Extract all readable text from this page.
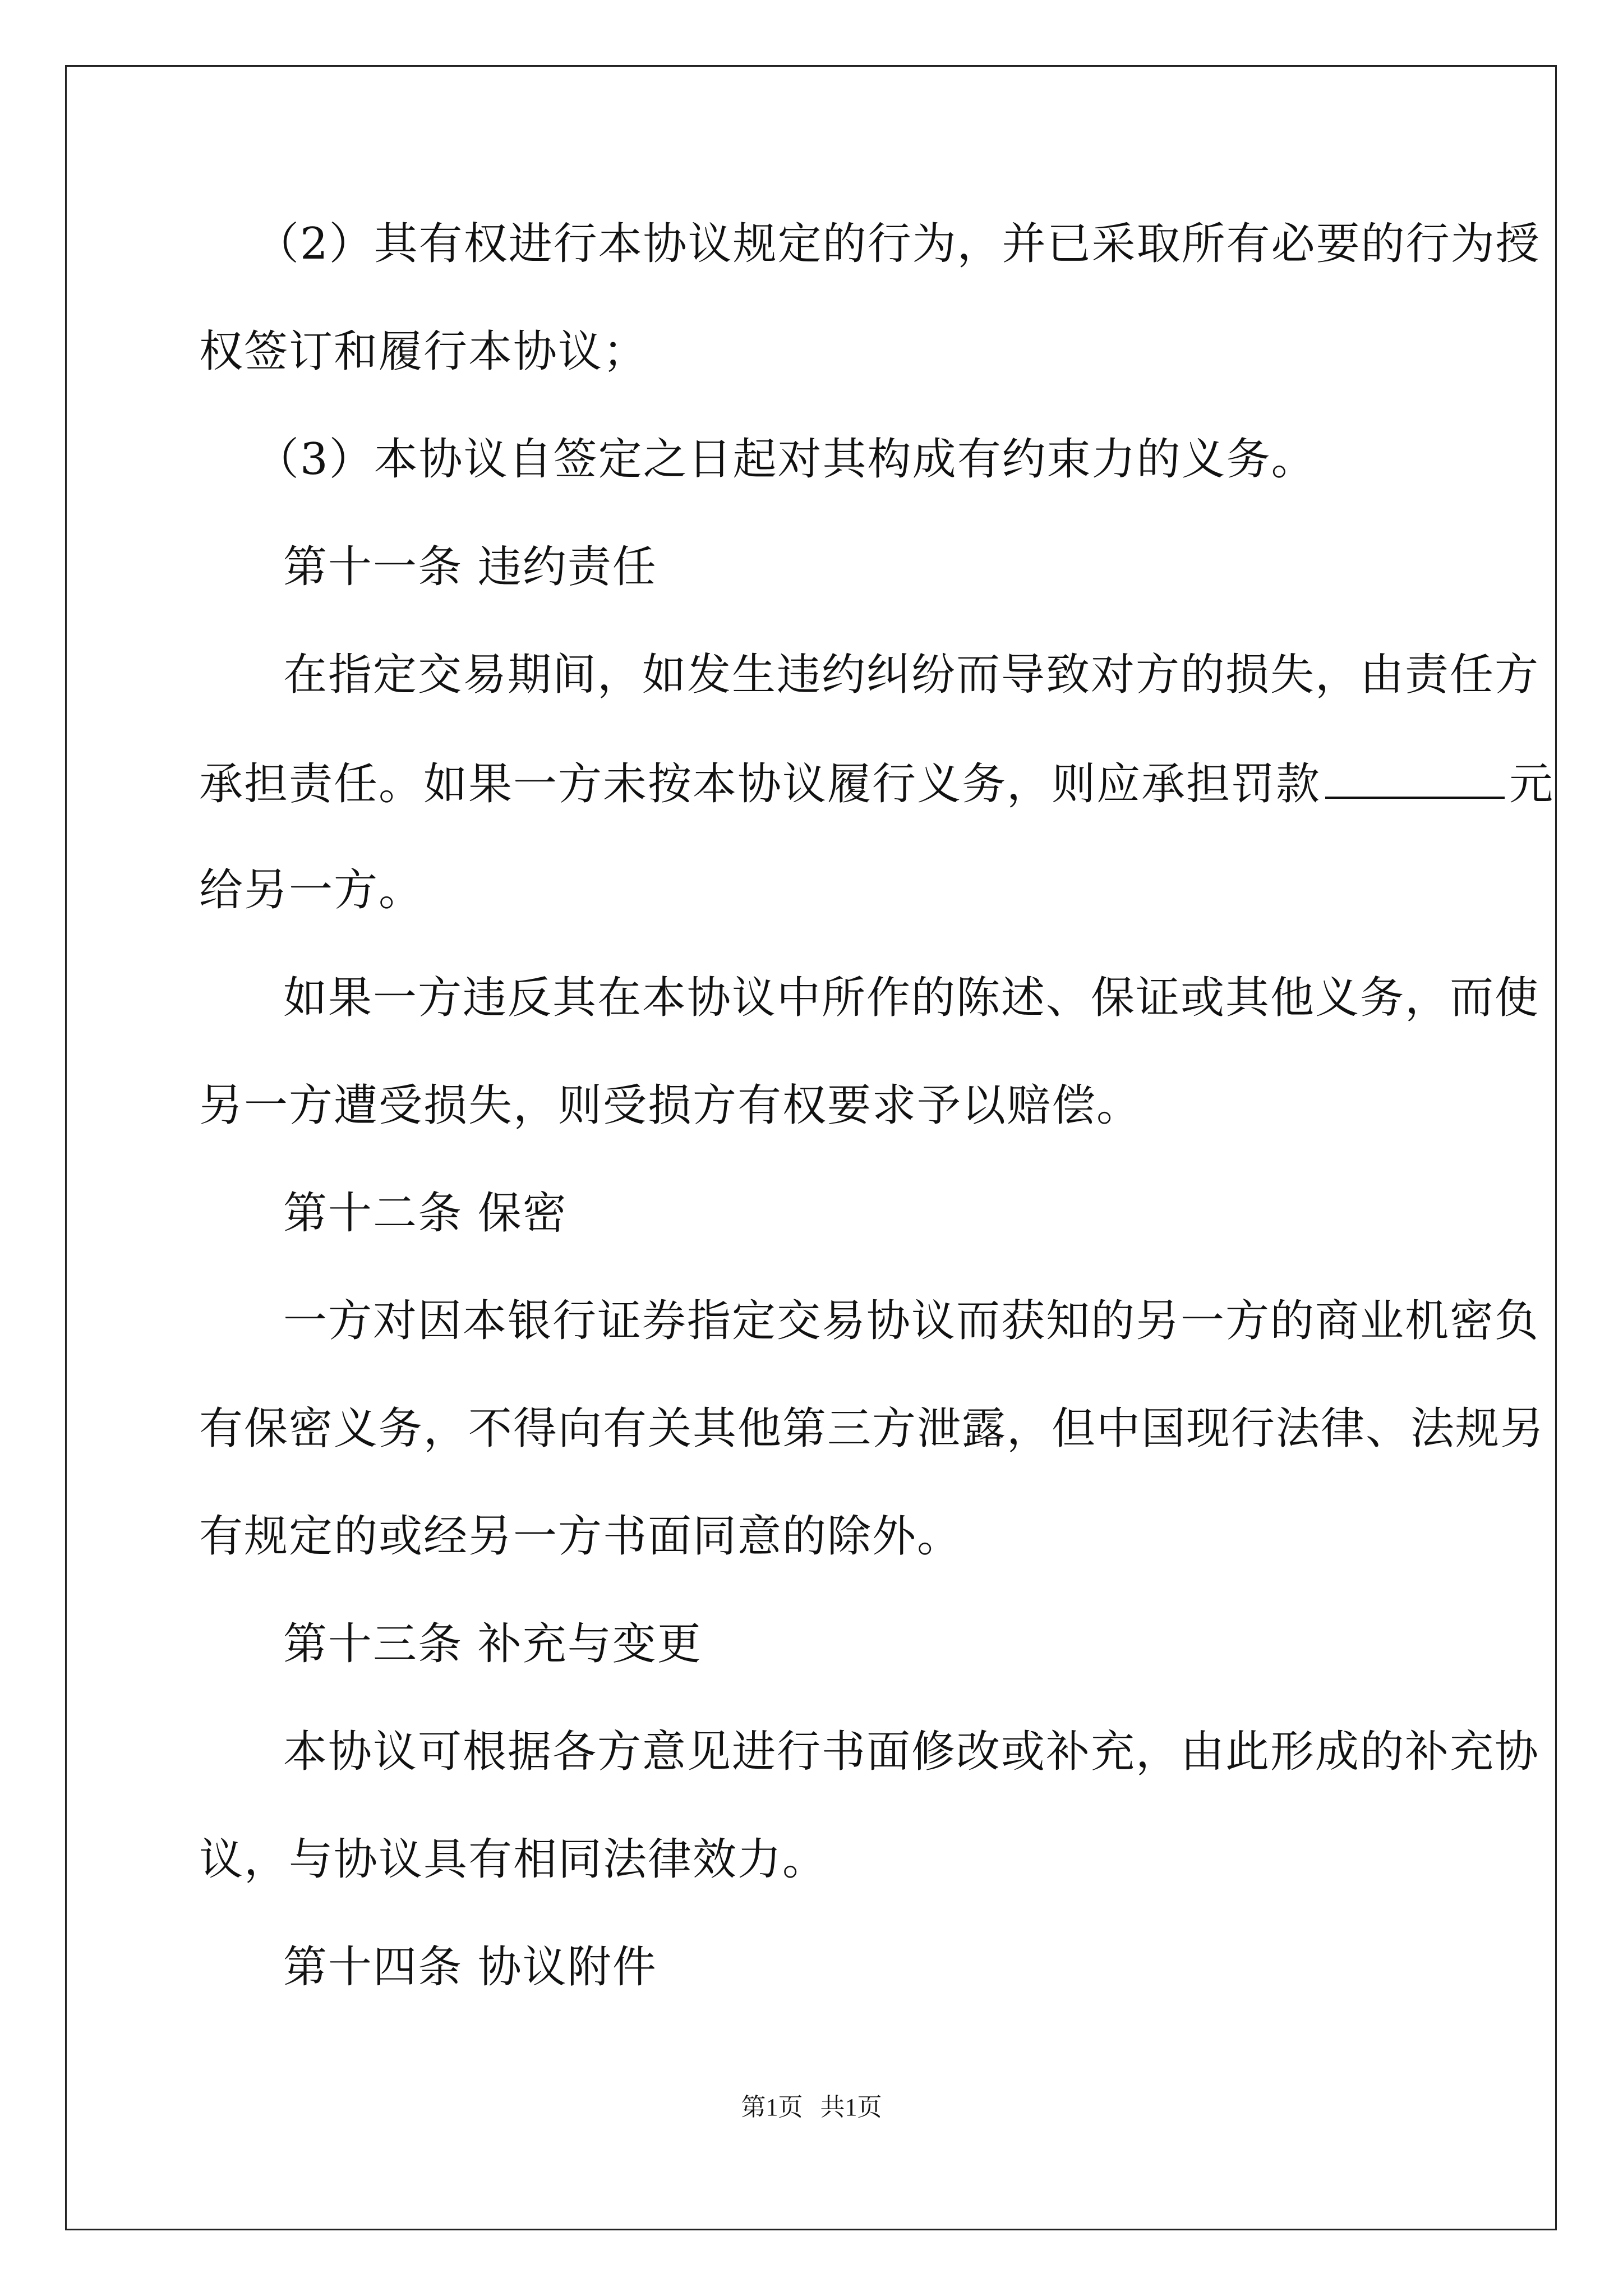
（2）其有权进行本协议规定的行为，并已采取所有必要的行为授
权签订和履行本协议；
（3）本协议自签定之日起对其构成有约束力的义务。
第十一条 违约责任
在指定交易期间，如发生违约纠纷而导致对方的损失，由责任方
承担责任。如果一方未按本协议履行义务，则应承担罚款	元
给另一方。
如果一方违反其在本协议中所作的陈述、保证或其他义务，而使
另一方遭受损失，则受损方有权要求予以赔偿。
第十二条 保密
一方对因本银行证券指定交易协议而获知的另一方的商业机密负
有保密义务，不得向有关其他第三方泄露，但中国现行法律、法规另
有规定的或经另一方书面同意的除外。
第十三条 补充与变更
本协议可根据各方意见进行书面修改或补充，由此形成的补充协
议，与协议具有相同法律效力。
第十四条 协议附件
第1页 共1页
